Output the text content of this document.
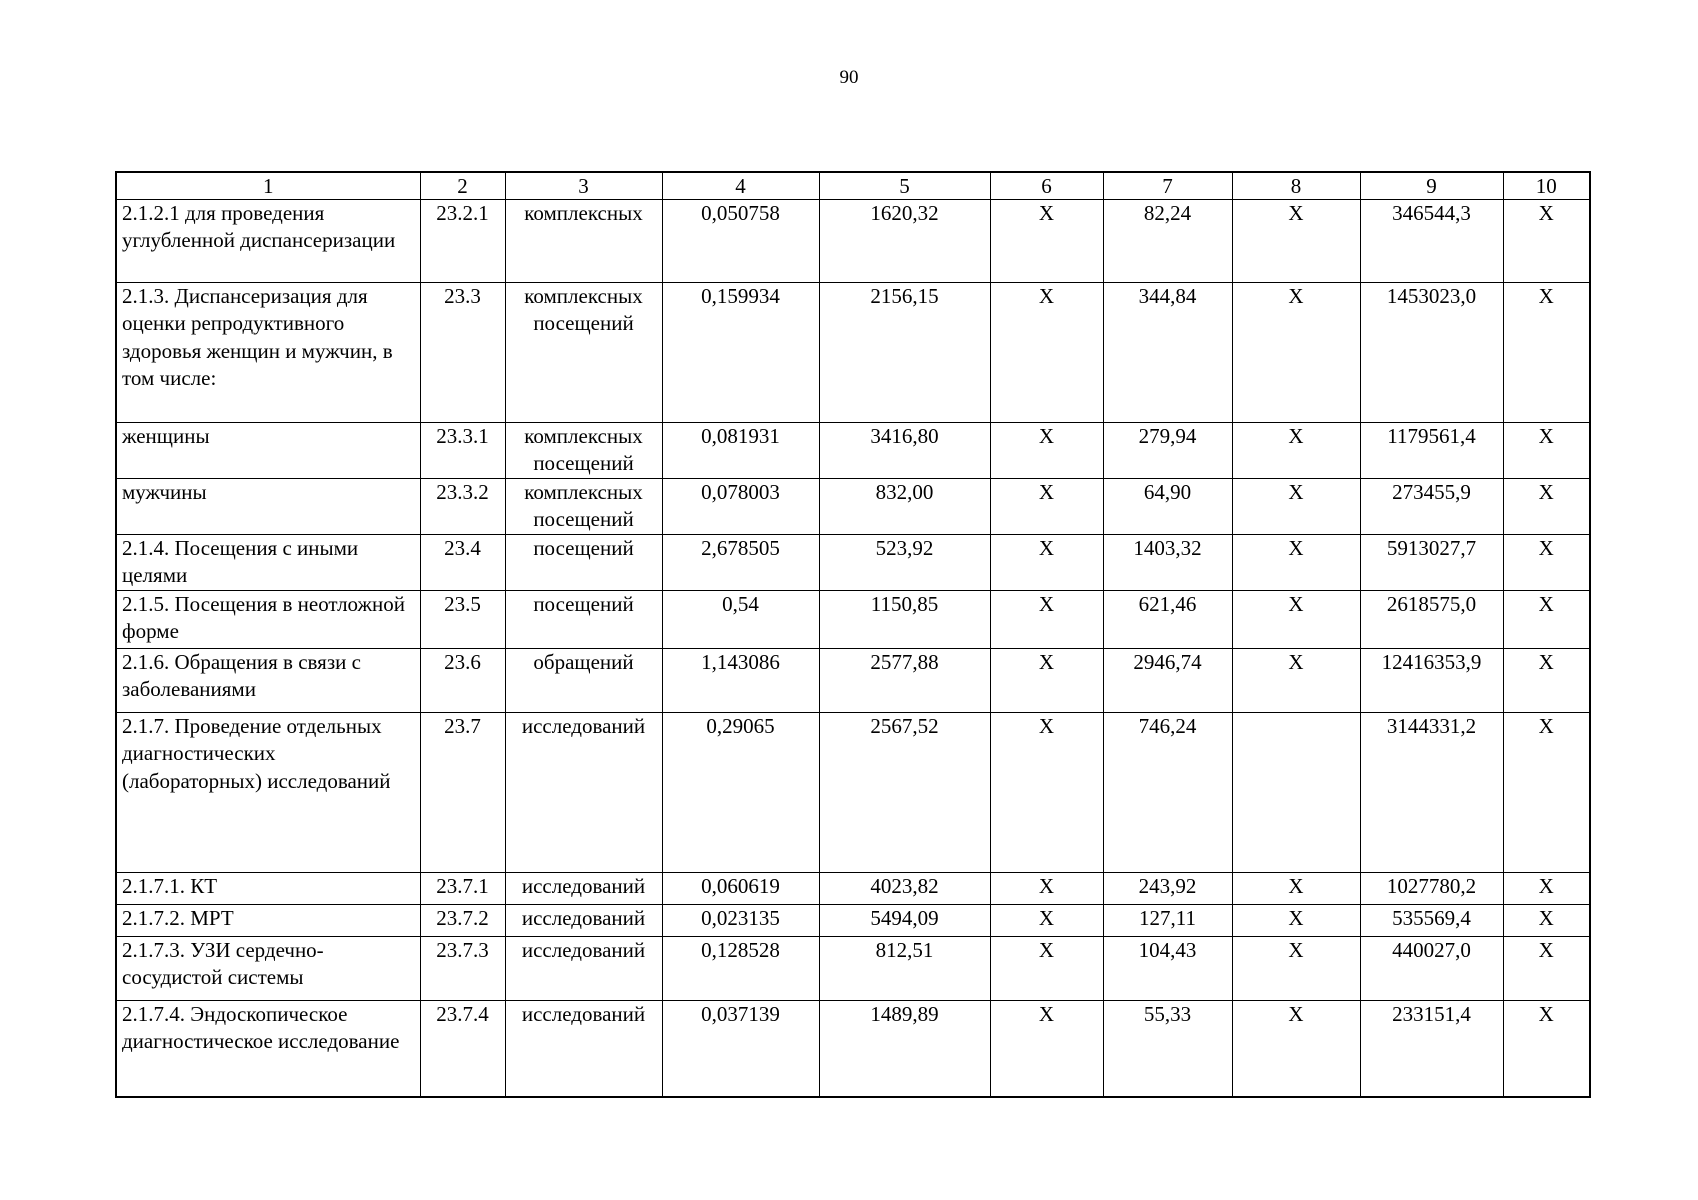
90
1	2	3	4	5	6	7	8	9	10
2.1.2.1 для проведения углубленной диспансеризации	23.2.1	комплексных	0,050758	1620,32	X	82,24	X	346544,3	X
2.1.3. Диспансеризация для оценки репродуктивного здоровья женщин и мужчин, в том числе:	23.3	комплексных посещений	0,159934	2156,15	X	344,84	X	1453023,0	X
женщины	23.3.1	комплексных посещений	0,081931	3416,80	X	279,94	X	1179561,4	X
мужчины	23.3.2	комплексных посещений	0,078003	832,00	X	64,90	X	273455,9	X
2.1.4. Посещения с иными целями	23.4	посещений	2,678505	523,92	X	1403,32	X	5913027,7	X
2.1.5. Посещения в неотложной форме	23.5	посещений	0,54	1150,85	X	621,46	X	2618575,0	X
2.1.6. Обращения в связи с заболеваниями	23.6	обращений	1,143086	2577,88	X	2946,74	X	12416353,9	X
2.1.7. Проведение отдельных диагностических (лабораторных) исследований	23.7	исследований	0,29065	2567,52	X	746,24		3144331,2	X
2.1.7.1. КТ	23.7.1	исследований	0,060619	4023,82	X	243,92	X	1027780,2	X
2.1.7.2. МРТ	23.7.2	исследований	0,023135	5494,09	X	127,11	X	535569,4	X
2.1.7.3. УЗИ сердечно-сосудистой системы	23.7.3	исследований	0,128528	812,51	X	104,43	X	440027,0	X
2.1.7.4. Эндоскопическое диагностическое исследование	23.7.4	исследований	0,037139	1489,89	X	55,33	X	233151,4	X
